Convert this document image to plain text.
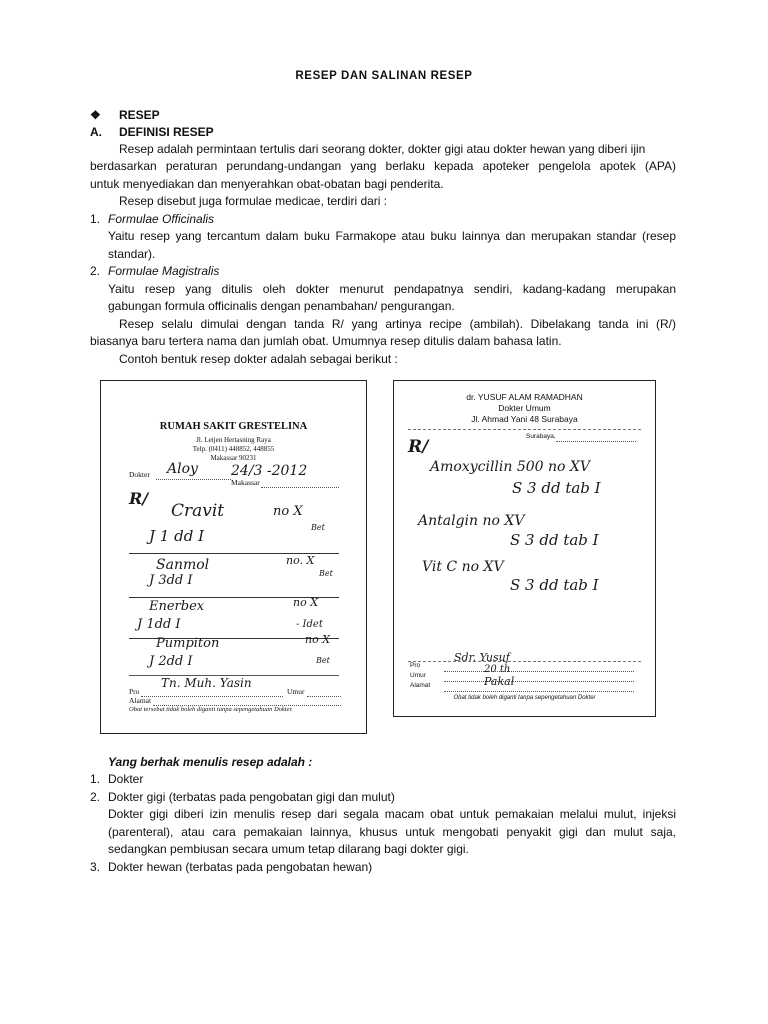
RESEP DAN SALINAN RESEP
❖ RESEP
A. DEFINISI RESEP
Resep adalah permintaan tertulis dari seorang dokter, dokter gigi atau dokter hewan yang diberi ijin
berdasarkan peraturan perundang-undangan yang berlaku kepada apoteker pengelola apotek (APA)
untuk menyediakan dan menyerahkan obat-obatan bagi penderita.
Resep disebut juga formulae medicae, terdiri dari :
1. Formulae Officinalis
Yaitu resep yang tercantum dalam buku Farmakope atau buku lainnya dan merupakan standar (resep
standar).
2. Formulae Magistralis
Yaitu resep yang ditulis oleh dokter menurut pendapatnya sendiri, kadang-kadang merupakan
gabungan formula officinalis dengan penambahan/ pengurangan.
Resep selalu dimulai dengan tanda R/ yang artinya recipe (ambilah). Dibelakang tanda ini (R/)
biasanya baru tertera nama dan jumlah obat. Umumnya resep ditulis dalam bahasa latin.
Contoh bentuk resep dokter adalah sebagai berikut :
RUMAH SAKIT GRESTELINA
Jl. Letjen Hertasning Raya
Telp. (0411) 448852, 448855
Makassar 90231
Dokter Aloy 24/3 -2012
Makassar
R/
Cravit	no X
J 1 dd I	Bet
Sanmol	no. X
J 3dd I	Bet
Enerbex	no X
J 1dd I	- Idet
Pumpiton	no X
J 2dd I	Bet
Pro
Tn. Muh. Yasin
Umur
Alamat
Obat tersebut tidak boleh diganti tanpa sepengetahuan Dokter.
dr. YUSUF ALAM RAMADHAN
Dokter Umum
Jl. Ahmad Yani 48 Surabaya
Surabaya,
R/
Amoxycillin 500 no XV
S 3 dd tab I
Antalgin no XV
S 3 dd tab I
Vit C no XV
S 3 dd tab I
Pro
Sdr. Yusuf
Umur
20 th
Alamat	Pakal
Obat tidak boleh diganti tanpa sepengetahuan Dokter
Yang berhak menulis resep adalah :
1. Dokter
2. Dokter gigi (terbatas pada pengobatan gigi dan mulut)
Dokter gigi diberi izin menulis resep dari segala macam obat untuk pemakaian melalui mulut, injeksi
(parenteral), atau cara pemakaian lainnya, khusus untuk mengobati penyakit gigi dan mulut saja,
sedangkan pembiusan secara umum tetap dilarang bagi dokter gigi.
3. Dokter hewan (terbatas pada pengobatan hewan)
